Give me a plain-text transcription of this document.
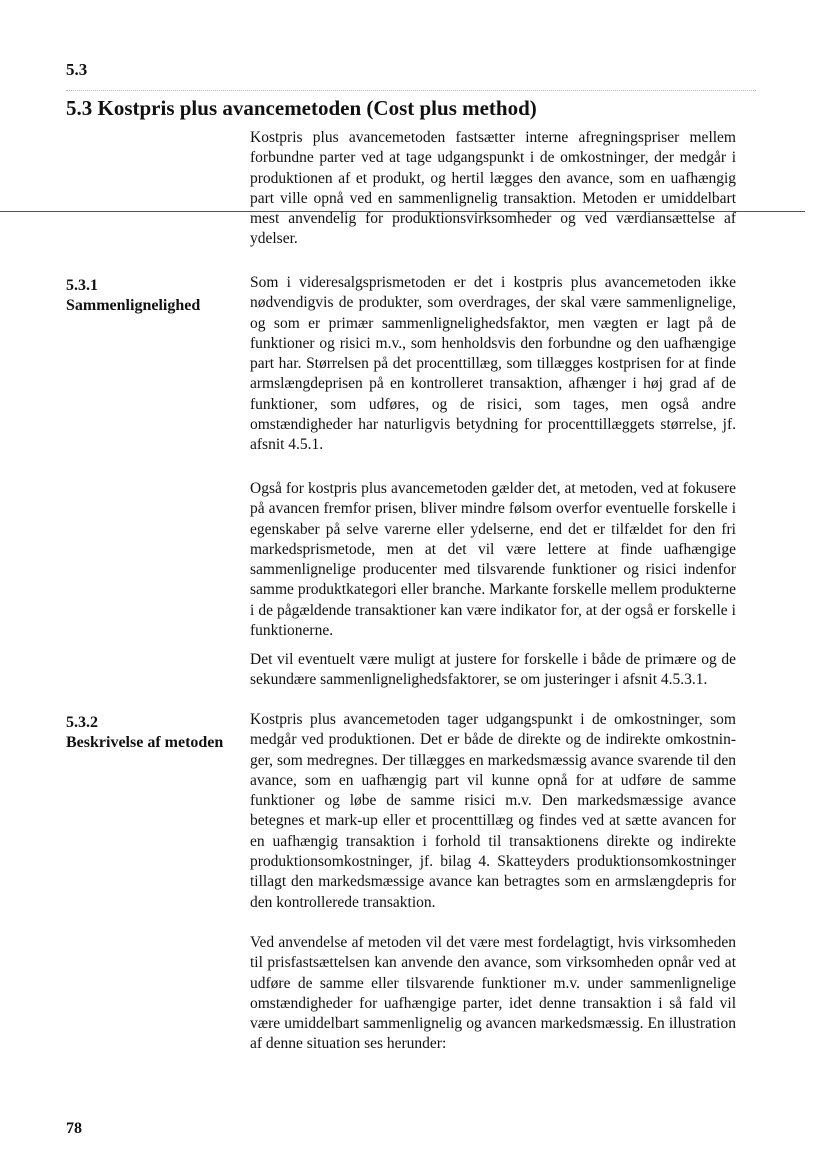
5.3
5.3 Kostpris plus avancemetoden (Cost plus method)

Kostpris plus avancemetoden fastsætter interne afregningspriser mellem forbundne parter ved at tage udgangspunkt i de omkostninger, der medgår i produktionen af et produkt, og hertil lægges den avance, som en uafhængig part ville opnå ved en sammenlignelig transaktion. Metoden er umiddelbart mest anvendelig for produktionsvirksomheder og ved værdiansættelse af ydelser.

5.3.1
Sammenlignelighed

Som i videresalgsprismetoden er det i kostpris plus avancemetoden ikke nødvendigvis de produkter, som overdrages, der skal være sammenlignelige, og som er primær sammenlignelighedsfaktor, men vægten er lagt på de funktioner og risici m.v., som henholdsvis den forbundne og den uafhængige part har. Størrelsen på det procenttillæg, som tillægges kostprisen for at finde armslængdeprisen på en kontrolleret transaktion, afhænger i høj grad af de funktioner, som udføres, og de risici, som tages, men også andre omstændigheder har naturligvis betydning for procenttillæggets størrelse, jf. afsnit 4.5.1.

Også for kostpris plus avancemetoden gælder det, at metoden, ved at fokusere på avancen fremfor prisen, bliver mindre følsom overfor eventuelle forskelle i egenskaber på selve varerne eller ydelserne, end det er tilfældet for den fri markedsprismetode, men at det vil være lettere at finde uafhængige sammenlignelige producenter med tilsvarende funktioner og risici indenfor samme produktkategori eller branche. Markante forskelle mellem produkterne i de pågældende transaktioner kan være indikator for, at der også er forskelle i funktionerne.

Det vil eventuelt være muligt at justere for forskelle i både de primære og de sekundære sammenlignelighedsfaktorer, se om justeringer i afsnit 4.5.3.1.

5.3.2
Beskrivelse af metoden

Kostpris plus avancemetoden tager udgangspunkt i de omkostninger, som medgår ved produktionen. Det er både de direkte og de indirekte omkostninger, som medregnes. Der tillægges en markedsmæssig avance svarende til den avance, som en uafhængig part vil kunne opnå for at udføre de samme funktioner og løbe de samme risici m.v. Den markedsmæssige avance betegnes et mark-up eller et procenttillæg og findes ved at sætte avancen for en uafhængig transaktion i forhold til transaktionens direkte og indirekte produktionsomkostninger, jf. bilag 4. Skatteyders produktionsomkostninger tillagt den markedsmæssige avance kan betragtes som en armslængdepris for den kontrollerede transaktion.

Ved anvendelse af metoden vil det være mest fordelagtigt, hvis virksomheden til prisfastsættelsen kan anvende den avance, som virksomheden opnår ved at udføre de samme eller tilsvarende funktioner m.v. under sammenlignelige omstændigheder for uafhængige parter, idet denne transaktion i så fald vil være umiddelbart sammenlignelig og avancen markedsmæssig. En illustration af denne situation ses herunder:

78
